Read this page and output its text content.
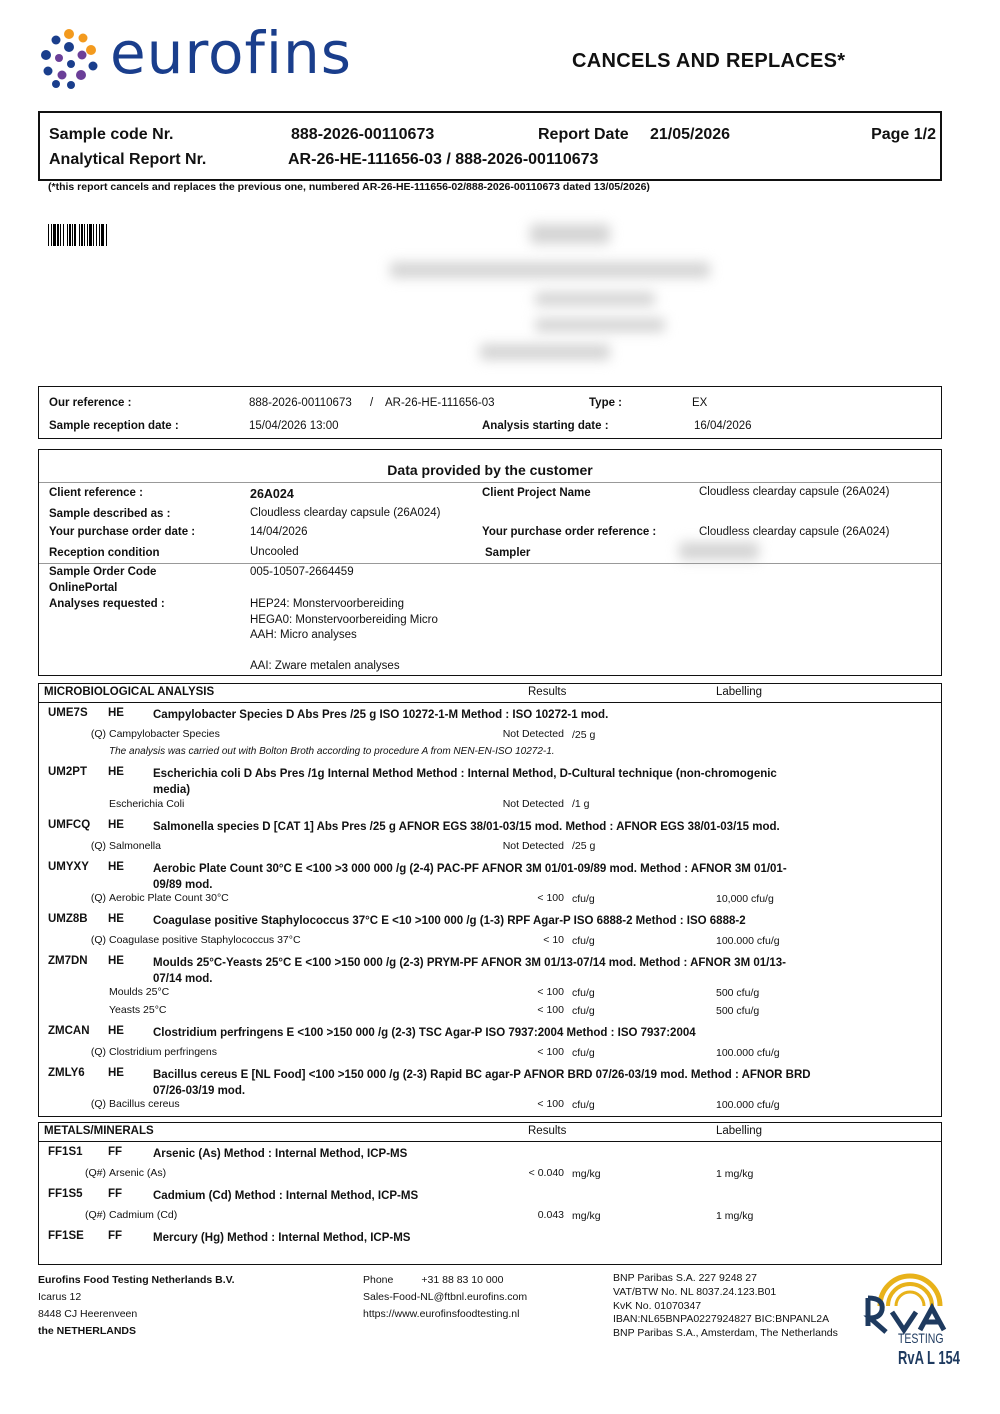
eurofins	CANCELS AND REPLACES*
Sample code Nr.	888-2026-00110673	Report Date 21/05/2026	Page 1/2
Analytical Report Nr.	AR-26-HE-111656-03 / 888-2026-00110673
(*this report cancels and replaces the previous one, numbered AR-26-HE-111656-02/888-2026-00110673 dated 13/05/2026)
Our reference :	888-2026-00110673 / AR-26-HE-111656-03	Type :	EX
Sample reception date :	15/04/2026 13:00	Analysis starting date :	16/04/2026
Data provided by the customer
Client reference :	26A024	Client Project Name	Cloudless clearday capsule (26A024)
Sample described as :	Cloudless clearday capsule (26A024)
Your purchase order date :	14/04/2026	Your purchase order reference :	Cloudless clearday capsule (26A024)
Reception condition	Uncooled	Sampler
Sample Order Code	005-10507-2664459
OnlinePortal
Analyses requested :	HEP24: Monstervoorbereiding
HEGA0: Monstervoorbereiding Micro
AAH: Micro analyses
AAI: Zware metalen analyses
MICROBIOLOGICAL ANALYSIS	Results	Labelling
UME7S HE	Campylobacter Species D Abs Pres /25 g ISO 10272-1-M Method : ISO 10272-1 mod.
(Q) Campylobacter Species	Not Detected /25 g
The analysis was carried out with Bolton Broth according to procedure A from NEN-EN-ISO 10272-1.
UM2PT HE	Escherichia coli D Abs Pres /1g Internal Method Method : Internal Method, D-Cultural technique (non-chromogenic media)
Escherichia Coli	Not Detected /1 g
UMFCQ HE	Salmonella species D [CAT 1] Abs Pres /25 g AFNOR EGS 38/01-03/15 mod. Method : AFNOR EGS 38/01-03/15 mod.
(Q) Salmonella	Not Detected /25 g
UMYXY HE	Aerobic Plate Count 30°C E <100 >3 000 000 /g (2-4) PAC-PF AFNOR 3M 01/01-09/89 mod. Method : AFNOR 3M 01/01-09/89 mod.
(Q) Aerobic Plate Count 30°C	< 100 cfu/g	10,000 cfu/g
UMZ8B HE	Coagulase positive Staphylococcus 37°C E <10 >100 000 /g (1-3) RPF Agar-P ISO 6888-2 Method : ISO 6888-2
(Q) Coagulase positive Staphylococcus 37°C	< 10 cfu/g	100.000 cfu/g
ZM7DN HE	Moulds 25°C-Yeasts 25°C E <100 >150 000 /g (2-3) PRYM-PF AFNOR 3M 01/13-07/14 mod. Method : AFNOR 3M 01/13-07/14 mod.
Moulds 25°C	< 100 cfu/g	500 cfu/g
Yeasts 25°C	< 100 cfu/g	500 cfu/g
ZMCAN HE	Clostridium perfringens E <100 >150 000 /g (2-3) TSC Agar-P ISO 7937:2004 Method : ISO 7937:2004
(Q) Clostridium perfringens	< 100 cfu/g	100.000 cfu/g
ZMLY6 HE	Bacillus cereus E [NL Food] <100 >150 000 /g (2-3) Rapid BC agar-P AFNOR BRD 07/26-03/19 mod. Method : AFNOR BRD 07/26-03/19 mod.
(Q) Bacillus cereus	< 100 cfu/g	100.000 cfu/g
METALS/MINERALS	Results	Labelling
FF1S1 FF	Arsenic (As) Method : Internal Method, ICP-MS
(Q#) Arsenic (As)	< 0.040 mg/kg	1 mg/kg
FF1S5 FF	Cadmium (Cd) Method : Internal Method, ICP-MS
(Q#) Cadmium (Cd)	0.043 mg/kg	1 mg/kg
FF1SE FF	Mercury (Hg) Method : Internal Method, ICP-MS
Eurofins Food Testing Netherlands B.V.
Icarus 12
8448 CJ Heerenveen
the NETHERLANDS
Phone	+31 88 83 10 000
Sales-Food-NL@ftbnl.eurofins.com
https://www.eurofinsfoodtesting.nl
BNP Paribas S.A. 227 9248 27
VAT/BTW No. NL 8037.24.123.B01
KvK No. 01070347
IBAN:NL65BNPA0227924827 BIC:BNPANL2A
BNP Paribas S.A., Amsterdam, The Netherlands	TESTING
RvA L 154
